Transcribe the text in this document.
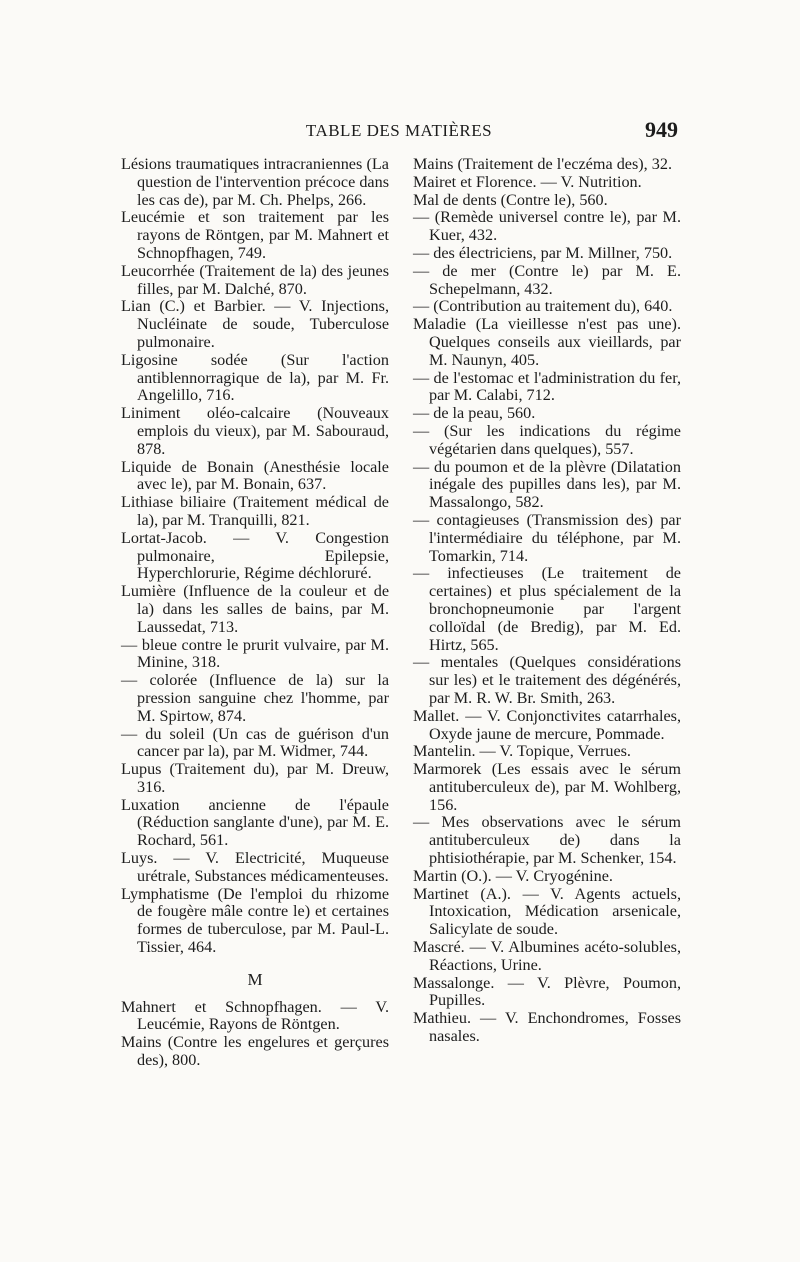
TABLE DES MATIÈRES	949

Lésions traumatiques intracraniennes (La question de l'intervention précoce dans les cas de), par M. Ch. Phelps, 266.

Leucémie et son traitement par les rayons de Röntgen, par M. Mahnert et Schnopfhagen, 749.

Leucorrhée (Traitement de la) des jeunes filles, par M. Dalché, 870.

Lian (C.) et Barbier. — V. Injections, Nucléinate de soude, Tuberculose pulmonaire.

Ligosine sodée (Sur l'action antiblennorragique de la), par M. Fr. Angelillo, 716.

Liniment oléo-calcaire (Nouveaux emplois du vieux), par M. Sabouraud, 878.

Liquide de Bonain (Anesthésie locale avec le), par M. Bonain, 637.

Lithiase biliaire (Traitement médical de la), par M. Tranquilli, 821.

Lortat-Jacob. — V. Congestion pulmonaire, Epilepsie, Hyperchlorurie, Régime déchloruré.

Lumière (Influence de la couleur et de la) dans les salles de bains, par M. Laussedat, 713.

— bleue contre le prurit vulvaire, par M. Minine, 318.

— colorée (Influence de la) sur la pression sanguine chez l'homme, par M. Spirtow, 874.

— du soleil (Un cas de guérison d'un cancer par la), par M. Widmer, 744.

Lupus (Traitement du), par M. Dreuw, 316.

Luxation ancienne de l'épaule (Réduction sanglante d'une), par M. E. Rochard, 561.

Luys. — V. Electricité, Muqueuse urétrale, Substances médicamenteuses.

Lymphatisme (De l'emploi du rhizome de fougère mâle contre le) et certaines formes de tuberculose, par M. Paul-L. Tissier, 464.

M

Mahnert et Schnopfhagen. — V. Leucémie, Rayons de Röntgen.

Mains (Contre les engelures et gerçures des), 800.

Mains (Traitement de l'eczéma des), 32.

Mairet et Florence. — V. Nutrition.

Mal de dents (Contre le), 560.

— (Remède universel contre le), par M. Kuer, 432.

— des électriciens, par M. Millner, 750.

— de mer (Contre le) par M. E. Schepelmann, 432.

— (Contribution au traitement du), 640.

Maladie (La vieillesse n'est pas une). Quelques conseils aux vieillards, par M. Naunyn, 405.

— de l'estomac et l'administration du fer, par M. Calabi, 712.

— de la peau, 560.

— (Sur les indications du régime végétarien dans quelques), 557.

— du poumon et de la plèvre (Dilatation inégale des pupilles dans les), par M. Massalongo, 582.

— contagieuses (Transmission des) par l'intermédiaire du téléphone, par M. Tomarkin, 714.

— infectieuses (Le traitement de certaines) et plus spécialement de la bronchopneumonie par l'argent colloïdal (de Bredig), par M. Ed. Hirtz, 565.

— mentales (Quelques considérations sur les) et le traitement des dégénérés, par M. R. W. Br. Smith, 263.

Mallet. — V. Conjonctivites catarrhales, Oxyde jaune de mercure, Pommade.

Mantelin. — V. Topique, Verrues.

Marmorek (Les essais avec le sérum antituberculeux de), par M. Wohlberg, 156.

— Mes observations avec le sérum antituberculeux de) dans la phtisiothérapie, par M. Schenker, 154.

Martin (O.). — V. Cryogénine.

Martinet (A.). — V. Agents actuels, Intoxication, Médication arsenicale, Salicylate de soude.

Mascré. — V. Albumines acéto-solubles, Réactions, Urine.

Massalonge. — V. Plèvre, Poumon, Pupilles.

Mathieu. — V. Enchondromes, Fosses nasales.
